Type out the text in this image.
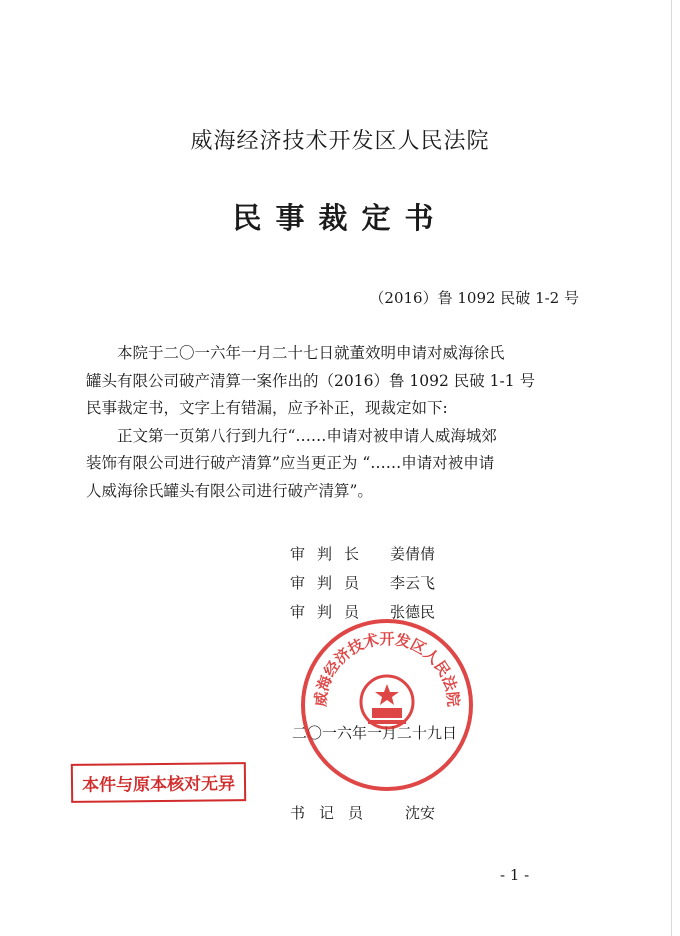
威海经济技术开发区人民法院
民事裁定书
（2016）鲁 1092 民破 1-2 号
本院于二〇一六年一月二十七日就董效明申请对威海徐氏
罐头有限公司破产清算一案作出的（2016）鲁 1092 民破 1-1 号
民事裁定书，文字上有错漏，应予补正，现裁定如下:
正文第一页第八行到九行“……申请对被申请人威海城郊
装饰有限公司进行破产清算”应当更正为 “……申请对被申请
人威海徐氏罐头有限公司进行破产清算”。
审判长 姜倩倩
审判员 李云飞
审判员 张德民
二〇一六年一月二十九日
威海经济技术开发区人民法院
本件与原本核对无异
书记员 沈安
- 1 -
